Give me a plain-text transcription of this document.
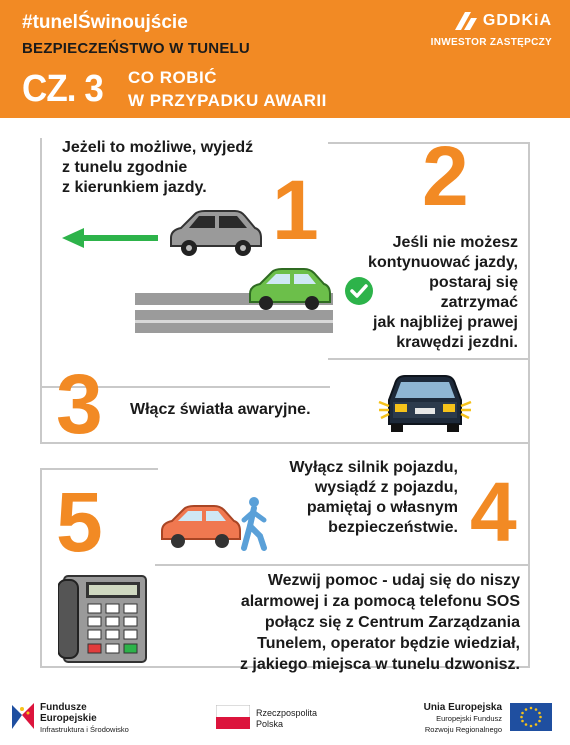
#tunelŚwinoujście
BEZPIECZEŃSTWO W TUNELU
CZ. 3 CO ROBIĆ
W PRZYPADKU AWARII
GDDKiA
INWESTOR ZASTĘPCZY
Jeżeli to możliwe, wyjedź
z tunelu zgodnie
z kierunkiem jazdy. 1 2
Jeśli nie możesz
kontynuować jazdy,
postaraj się
zatrzymać
jak najbliżej prawej
krawędzi jezdni.
3 Włącz światła awaryjne.
Wyłącz silnik pojazdu,
wysiądź z pojazdu,
pamiętaj o własnym
bezpieczeństwie. 4
5
Wezwij pomoc - udaj się do niszy
alarmowej i za pomocą telefonu SOS
połącz się z Centrum Zarządzania
Tunelem, operator będzie wiedział,
z jakiego miejsca w tunelu dzwonisz.
Fundusze
Europejskie
Infrastruktura i Środowisko
Rzeczpospolita
Polska
Unia Europejska
Europejski Fundusz
Rozwoju Regionalnego
